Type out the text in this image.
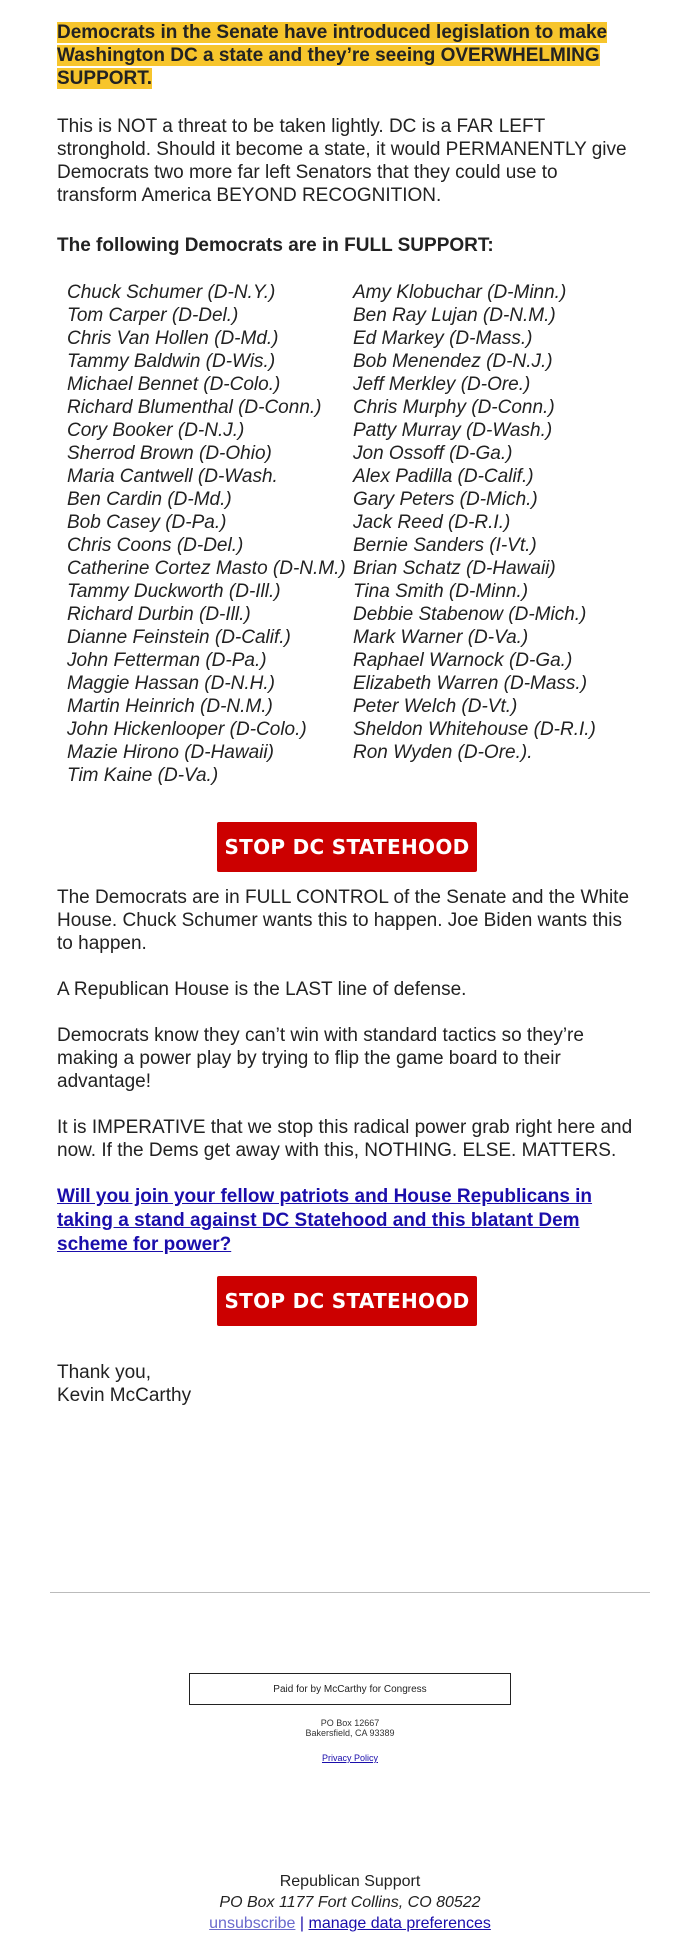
Democrats in the Senate have introduced legislation to make Washington DC a state and they’re seeing OVERWHELMING SUPPORT.

This is NOT a threat to be taken lightly. DC is a FAR LEFT stronghold. Should it become a state, it would PERMANENTLY give Democrats two more far left Senators that they could use to transform America BEYOND RECOGNITION.

The following Democrats are in FULL SUPPORT:
Chuck Schumer (D-N.Y.)
Tom Carper (D-Del.)
Chris Van Hollen (D-Md.)
Tammy Baldwin (D-Wis.)
Michael Bennet (D-Colo.)
Richard Blumenthal (D-Conn.)
Cory Booker (D-N.J.)
Sherrod Brown (D-Ohio)
Maria Cantwell (D-Wash.
Ben Cardin (D-Md.)
Bob Casey (D-Pa.)
Chris Coons (D-Del.)
Catherine Cortez Masto (D-N.M.)
Tammy Duckworth (D-Ill.)
Richard Durbin (D-Ill.)
Dianne Feinstein (D-Calif.)
John Fetterman (D-Pa.)
Maggie Hassan (D-N.H.)
Martin Heinrich (D-N.M.)
John Hickenlooper (D-Colo.)
Mazie Hirono (D-Hawaii)
Tim Kaine (D-Va.)
Amy Klobuchar (D-Minn.)
Ben Ray Lujan (D-N.M.)
Ed Markey (D-Mass.)
Bob Menendez (D-N.J.)
Jeff Merkley (D-Ore.)
Chris Murphy (D-Conn.)
Patty Murray (D-Wash.)
Jon Ossoff (D-Ga.)
Alex Padilla (D-Calif.)
Gary Peters (D-Mich.)
Jack Reed (D-R.I.)
Bernie Sanders (I-Vt.)
Brian Schatz (D-Hawaii)
Tina Smith (D-Minn.)
Debbie Stabenow (D-Mich.)
Mark Warner (D-Va.)
Raphael Warnock (D-Ga.)
Elizabeth Warren (D-Mass.)
Peter Welch (D-Vt.)
Sheldon Whitehouse (D-R.I.)
Ron Wyden (D-Ore.).
STOP DC STATEHOOD

The Democrats are in FULL CONTROL of the Senate and the White House. Chuck Schumer wants this to happen. Joe Biden wants this to happen.

A Republican House is the LAST line of defense.

Democrats know they can’t win with standard tactics so they’re making a power play by trying to flip the game board to their advantage!

It is IMPERATIVE that we stop this radical power grab right here and now. If the Dems get away with this, NOTHING. ELSE. MATTERS.

Will you join your fellow patriots and House Republicans in taking a stand against DC Statehood and this blatant Dem scheme for power?
STOP DC STATEHOOD
Thank you,
Kevin McCarthy
Paid for by McCarthy for Congress
PO Box 12667
Bakersfield, CA 93389
Privacy Policy
Republican Support
PO Box 1177 Fort Collins, CO 80522
unsubscribe | manage data preferences
